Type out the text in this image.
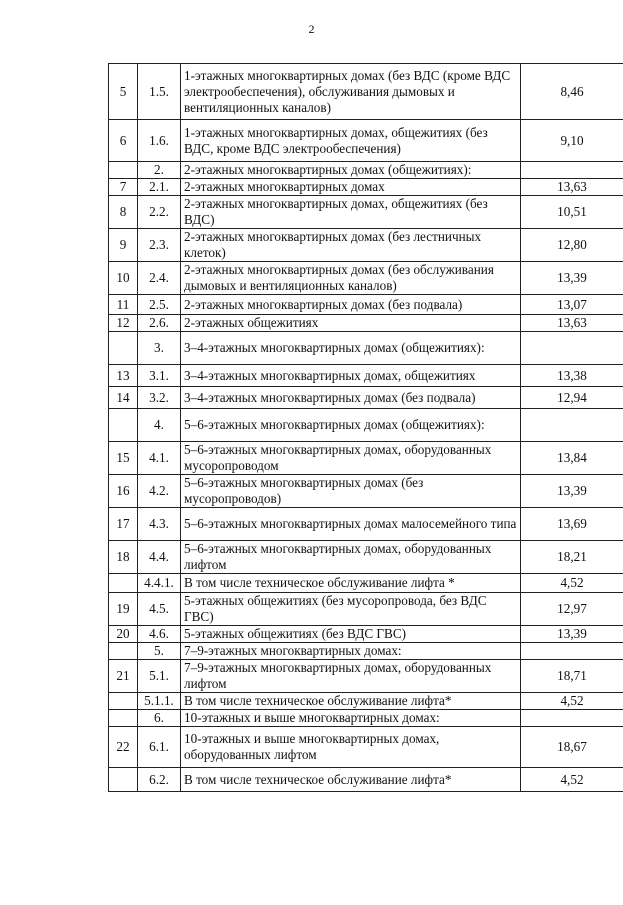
2
5	1.5.	1-этажных многоквартирных домах (без ВДС (кроме ВДС электрообеспечения), обслуживания дымовых и вентиляционных каналов)	8,46
6	1.6.	1-этажных многоквартирных домах, общежитиях (без ВДС, кроме ВДС электрообеспечения)	9,10
	2.	2-этажных многоквартирных домах (общежитиях):	
7	2.1.	2-этажных многоквартирных домах	13,63
8	2.2.	2-этажных многоквартирных домах, общежитиях (без ВДС)	10,51
9	2.3.	2-этажных многоквартирных домах (без лестничных клеток)	12,80
10	2.4.	2-этажных многоквартирных домах (без обслуживания дымовых и вентиляционных каналов)	13,39
11	2.5.	2-этажных многоквартирных домах (без подвала)	13,07
12	2.6.	2-этажных общежитиях	13,63
	3.	3–4-этажных многоквартирных домах (общежитиях):	
13	3.1.	3–4-этажных многоквартирных домах, общежитиях	13,38
14	3.2.	3–4-этажных многоквартирных домах (без подвала)	12,94
	4.	5–6-этажных многоквартирных домах (общежитиях):	
15	4.1.	5–6-этажных многоквартирных домах, оборудованных мусоропроводом	13,84
16	4.2.	5–6-этажных многоквартирных домах (без мусоропроводов)	13,39
17	4.3.	5–6-этажных многоквартирных домах малосемейного типа	13,69
18	4.4.	5–6-этажных многоквартирных домах, оборудованных лифтом	18,21
	4.4.1.	В том числе техническое обслуживание лифта *	4,52
19	4.5.	5-этажных общежитиях (без мусоропровода, без ВДС ГВС)	12,97
20	4.6.	5-этажных общежитиях (без ВДС ГВС)	13,39
	5.	7–9-этажных многоквартирных домах:	
21	5.1.	7–9-этажных многоквартирных домах, оборудованных лифтом	18,71
	5.1.1.	В том числе техническое обслуживание лифта*	4,52
	6.	10-этажных и выше многоквартирных домах:	
22	6.1.	10-этажных и выше многоквартирных домах, оборудованных лифтом	18,67
	6.2.	В том числе техническое обслуживание лифта*	4,52
